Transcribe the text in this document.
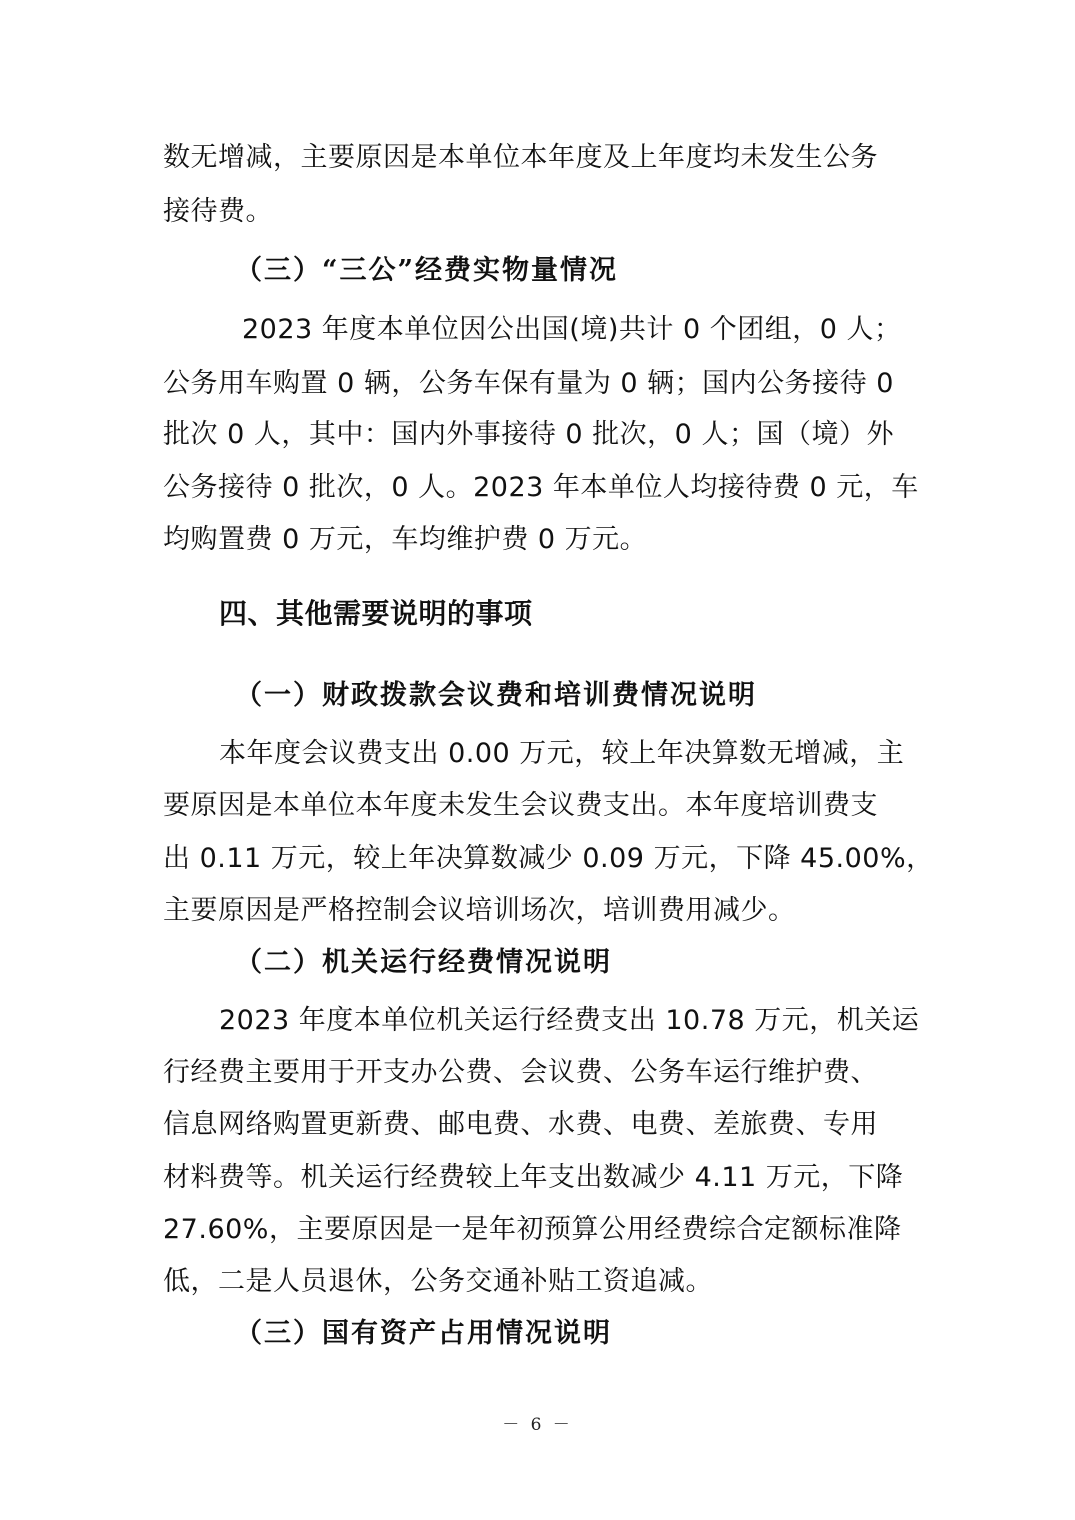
数无增减，主要原因是本单位本年度及上年度均未发生公务
接待费。
（三）“三公”经费实物量情况
2023 年度本单位因公出国(境)共计 0 个团组，0 人；
公务用车购置 0 辆，公务车保有量为 0 辆；国内公务接待 0
批次 0 人，其中：国内外事接待 0 批次，0 人；国（境）外
公务接待 0 批次，0 人。2023 年本单位人均接待费 0 元，车
均购置费 0 万元，车均维护费 0 万元。
四、其他需要说明的事项
（一）财政拨款会议费和培训费情况说明
本年度会议费支出 0.00 万元，较上年决算数无增减，主
要原因是本单位本年度未发生会议费支出。本年度培训费支
出 0.11 万元，较上年决算数减少 0.09 万元，下降 45.00%，
主要原因是严格控制会议培训场次，培训费用减少。
（二）机关运行经费情况说明
2023 年度本单位机关运行经费支出 10.78 万元，机关运
行经费主要用于开支办公费、会议费、公务车运行维护费、
信息网络购置更新费、邮电费、水费、电费、差旅费、专用
材料费等。机关运行经费较上年支出数减少 4.11 万元，下降
27.60%，主要原因是一是年初预算公用经费综合定额标准降
低，二是人员退休，公务交通补贴工资追减。
（三）国有资产占用情况说明
－ 6 －
